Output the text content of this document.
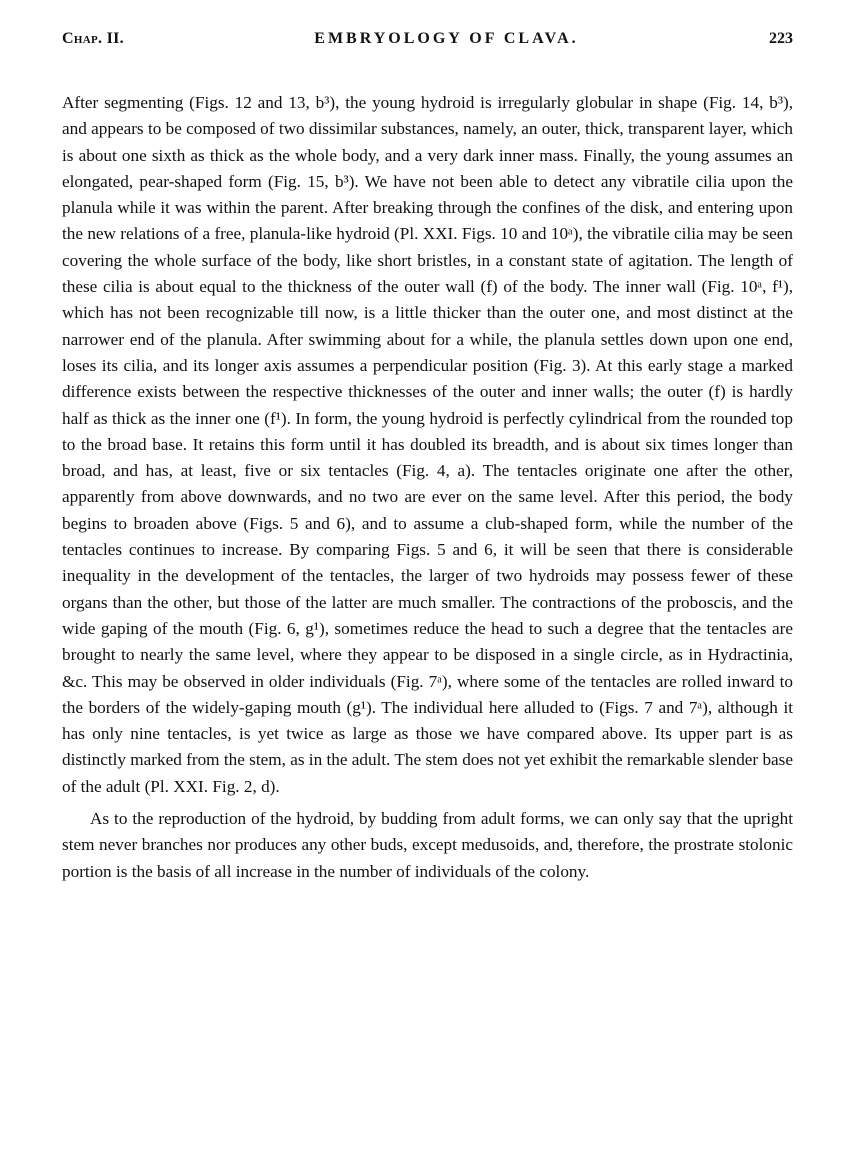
Chap. II.	EMBRYOLOGY OF CLAVA.	223

After segmenting (Figs. 12 and 13, b³), the young hydroid is irregularly globular in shape (Fig. 14, b³), and appears to be composed of two dissimilar substances, namely, an outer, thick, transparent layer, which is about one sixth as thick as the whole body, and a very dark inner mass. Finally, the young assumes an elongated, pear-shaped form (Fig. 15, b³). We have not been able to detect any vibratile cilia upon the planula while it was within the parent. After breaking through the confines of the disk, and entering upon the new relations of a free, planula-like hydroid (Pl. XXI. Figs. 10 and 10ᵃ), the vibratile cilia may be seen covering the whole surface of the body, like short bristles, in a constant state of agitation. The length of these cilia is about equal to the thickness of the outer wall (f) of the body. The inner wall (Fig. 10ᵃ, f¹), which has not been recognizable till now, is a little thicker than the outer one, and most distinct at the narrower end of the planula. After swimming about for a while, the planula settles down upon one end, loses its cilia, and its longer axis assumes a perpendicular position (Fig. 3). At this early stage a marked difference exists between the respective thicknesses of the outer and inner walls; the outer (f) is hardly half as thick as the inner one (f¹). In form, the young hydroid is perfectly cylindrical from the rounded top to the broad base. It retains this form until it has doubled its breadth, and is about six times longer than broad, and has, at least, five or six tentacles (Fig. 4, a). The tentacles originate one after the other, apparently from above downwards, and no two are ever on the same level. After this period, the body begins to broaden above (Figs. 5 and 6), and to assume a club-shaped form, while the number of the tentacles continues to increase. By comparing Figs. 5 and 6, it will be seen that there is considerable inequality in the development of the tentacles, the larger of two hydroids may possess fewer of these organs than the other, but those of the latter are much smaller. The contractions of the proboscis, and the wide gaping of the mouth (Fig. 6, g¹), sometimes reduce the head to such a degree that the tentacles are brought to nearly the same level, where they appear to be disposed in a single circle, as in Hydractinia, &c. This may be observed in older individuals (Fig. 7ᵃ), where some of the tentacles are rolled inward to the borders of the widely-gaping mouth (g¹). The individual here alluded to (Figs. 7 and 7ᵃ), although it has only nine tentacles, is yet twice as large as those we have compared above. Its upper part is as distinctly marked from the stem, as in the adult. The stem does not yet exhibit the remarkable slender base of the adult (Pl. XXI. Fig. 2, d).

As to the reproduction of the hydroid, by budding from adult forms, we can only say that the upright stem never branches nor produces any other buds, except medusoids, and, therefore, the prostrate stolonic portion is the basis of all increase in the number of individuals of the colony.
